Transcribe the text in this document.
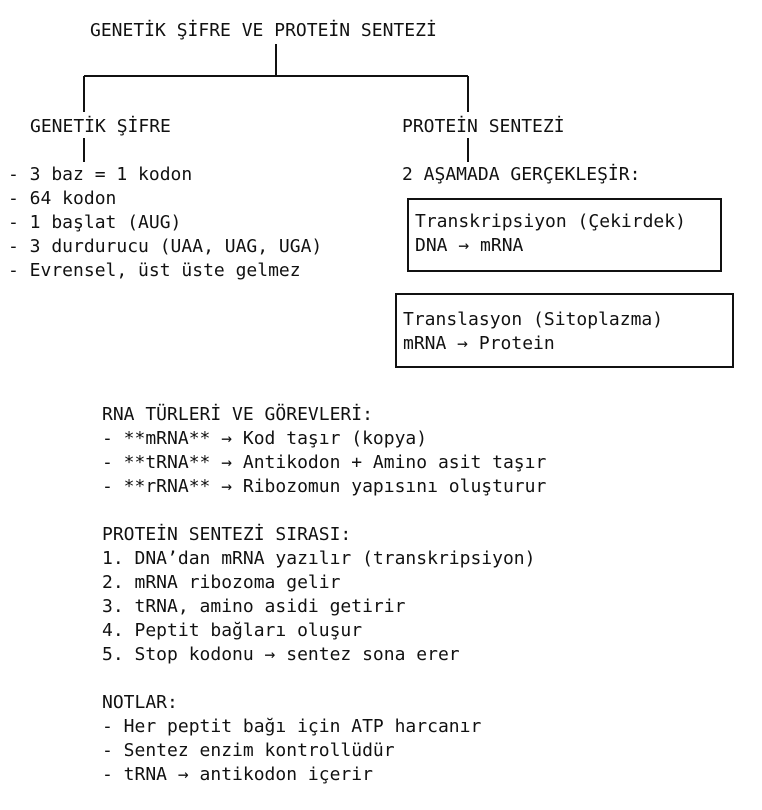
GENETİK ŞİFRE VE PROTEİN SENTEZİ
GENETİK ŞİFRE
- 3 baz = 1 kodon
- 64 kodon
- 1 başlat (AUG)
- 3 durdurucu (UAA, UAG, UGA)
- Evrensel, üst üste gelmez
PROTEİN SENTEZİ
2 AŞAMADA GERÇEKLEŞİR:
Transkripsiyon (Çekirdek)
DNA → mRNA
Translasyon (Sitoplazma)
mRNA → Protein
RNA TÜRLERİ VE GÖREVLERİ:
- **mRNA** → Kod taşır (kopya)
- **tRNA** → Antikodon + Amino asit taşır
- **rRNA** → Ribozomun yapısını oluşturur
PROTEİN SENTEZİ SIRASI:
1. DNA’dan mRNA yazılır (transkripsiyon)
2. mRNA ribozoma gelir
3. tRNA, amino asidi getirir
4. Peptit bağları oluşur
5. Stop kodonu → sentez sona erer
NOTLAR:
- Her peptit bağı için ATP harcanır
- Sentez enzim kontrollüdür
- tRNA → antikodon içerir
